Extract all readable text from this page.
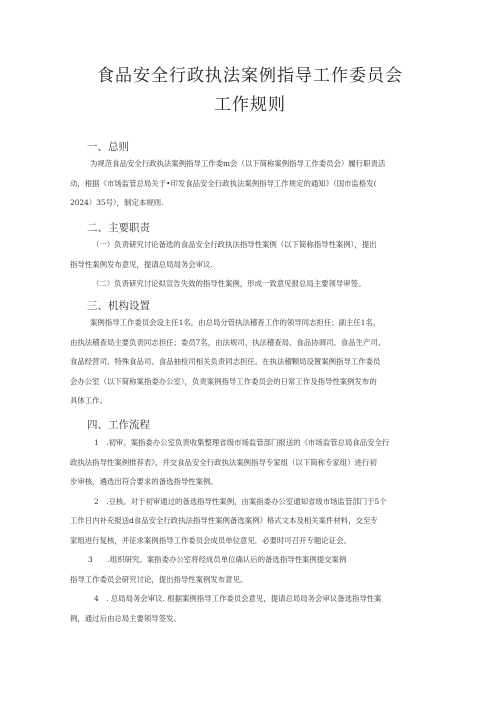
食品安全行政执法案例指导工作委员会
工作规则
一、总则
为规范食品安全行政执法案例指导工作委m会（以下简称案例指导工作委员会）履行职责活
动，根据《市场监管总局关于•印发食品安全行政执法案例指导工作规定的通知》（国市监格发(
2024）35号），制定本规则.
二、主要职责
（一）负责研究讨论备选的食品安全行政执法指导性案例（以下简称指导性案例），提出
指导性案例发布意见，提请总局局务会审议.
（二）负责研究讨论拟宣告失效的指导性案例，形成一致意见报总局主要领导审签。
三、机构设置
案例指导工作委员会设主任1名，由总局分管执法稽杳工作的领导同志担任；副主任1名，
由执法稽查局主要负责同志担任；委员7名，由法规司、执法稽查局、食品协调司、食品生产司、
食品经营司、特殊食品司、食品抽检司相关负责同志担任。在执法稽颗局设置案例指导工作委员
会办公室（以下简称案指委办公室），负责案例指导工作委员会的日常工作及指导性案例发布的
具体工作。
四、工作流程
1　.初审。案指委办公室负责收集整理省级市场监管部门报送的《市场监管总局食品安全行
政执法指导性案例推荐表》，并交食品安全行政执法案例指导专家组（以下简称专家组）进行初
步审核，遴选出符合要求的备选指导性案例。
2　.豆核。对于初审通过的备选指导性案例，由案指委办公室通知省级市场监管部门于5个
工作日内补充报送d食品安全行政执法指导性案例备选案例》格式文本及相关案件材料，交至专
家组进行复核，并征求案例指导工作委员会成员单位意见．必要时可召开专题论证会。
3　　.组织研究。案指委办公室将经成员单位确认后的备选指导性案例提交案例
指导工作委员会研究讨论，提出指导性案例发布意见。
4　. 总局局务会审议. 根据案例指导工作委员会意见，提请总局局务会审议备选指导性案
例，通过后由总局主要领导签发。
